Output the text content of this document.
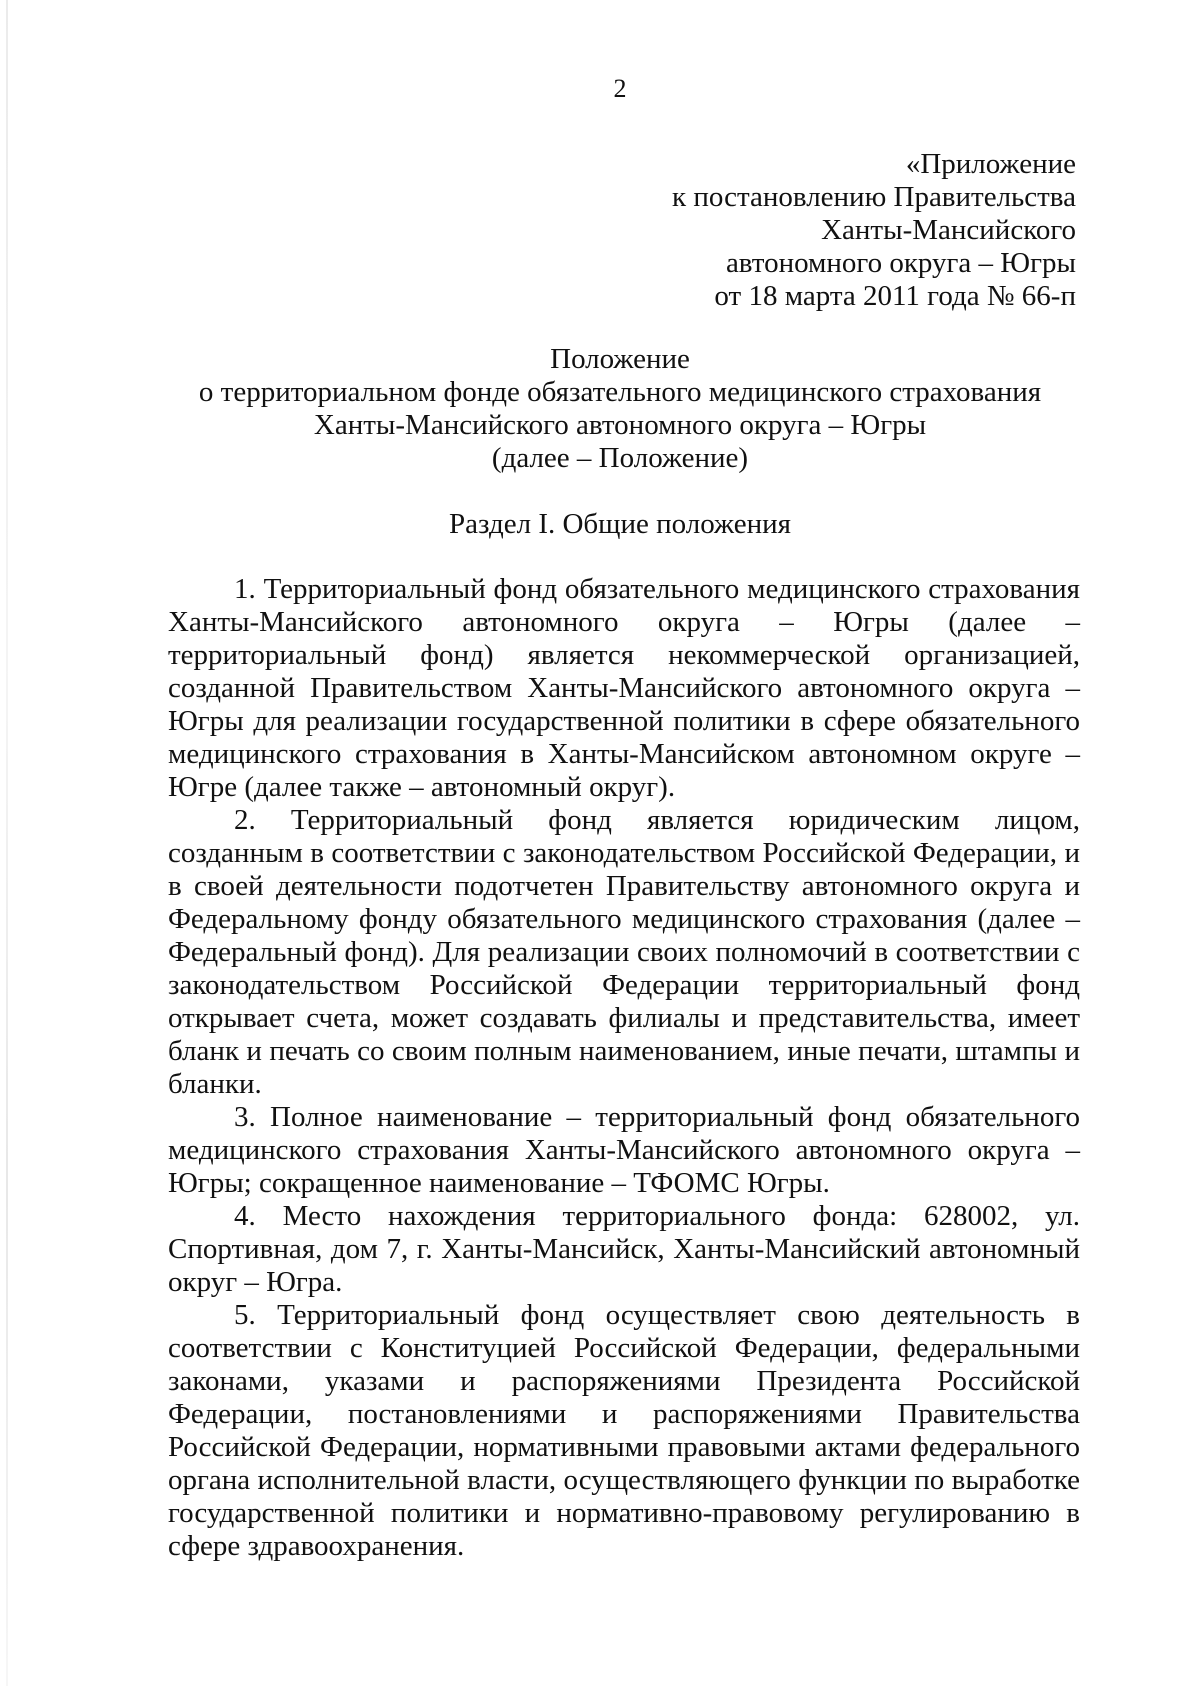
2
«Приложение
к постановлению Правительства
Ханты-Мансийского
автономного округа – Югры
от 18 марта 2011 года № 66-п
Положение
о территориальном фонде обязательного медицинского страхования
Ханты-Мансийского автономного округа – Югры
(далее – Положение)
Раздел I. Общие положения

1. Территориальный фонд обязательного медицинского страхования Ханты-Мансийского автономного округа – Югры (далее – территориальный фонд) является некоммерческой организацией, созданной Правительством Ханты-Мансийского автономного округа – Югры для реализации государственной политики в сфере обязательного медицинского страхования в Ханты-Мансийском автономном округе – Югре (далее также – автономный округ).

2. Территориальный фонд является юридическим лицом, созданным в соответствии с законодательством Российской Федерации, и в своей деятельности подотчетен Правительству автономного округа и Федеральному фонду обязательного медицинского страхования (далее – Федеральный фонд). Для реализации своих полномочий в соответствии с законодательством Российской Федерации территориальный фонд открывает счета, может создавать филиалы и представительства, имеет бланк и печать со своим полным наименованием, иные печати, штампы и бланки.

3. Полное наименование – территориальный фонд обязательного медицинского страхования Ханты-Мансийского автономного округа – Югры; сокращенное наименование – ТФОМС Югры.

4. Место нахождения территориального фонда: 628002, ул. Спортивная, дом 7, г. Ханты-Мансийск, Ханты-Мансийский автономный округ – Югра.

5. Территориальный фонд осуществляет свою деятельность в соответствии с Конституцией Российской Федерации, федеральными законами, указами и распоряжениями Президента Российской Федерации, постановлениями и распоряжениями Правительства Российской Федерации, нормативными правовыми актами федерального органа исполнительной власти, осуществляющего функции по выработке государственной политики и нормативно-правовому регулированию в сфере здравоохранения.
